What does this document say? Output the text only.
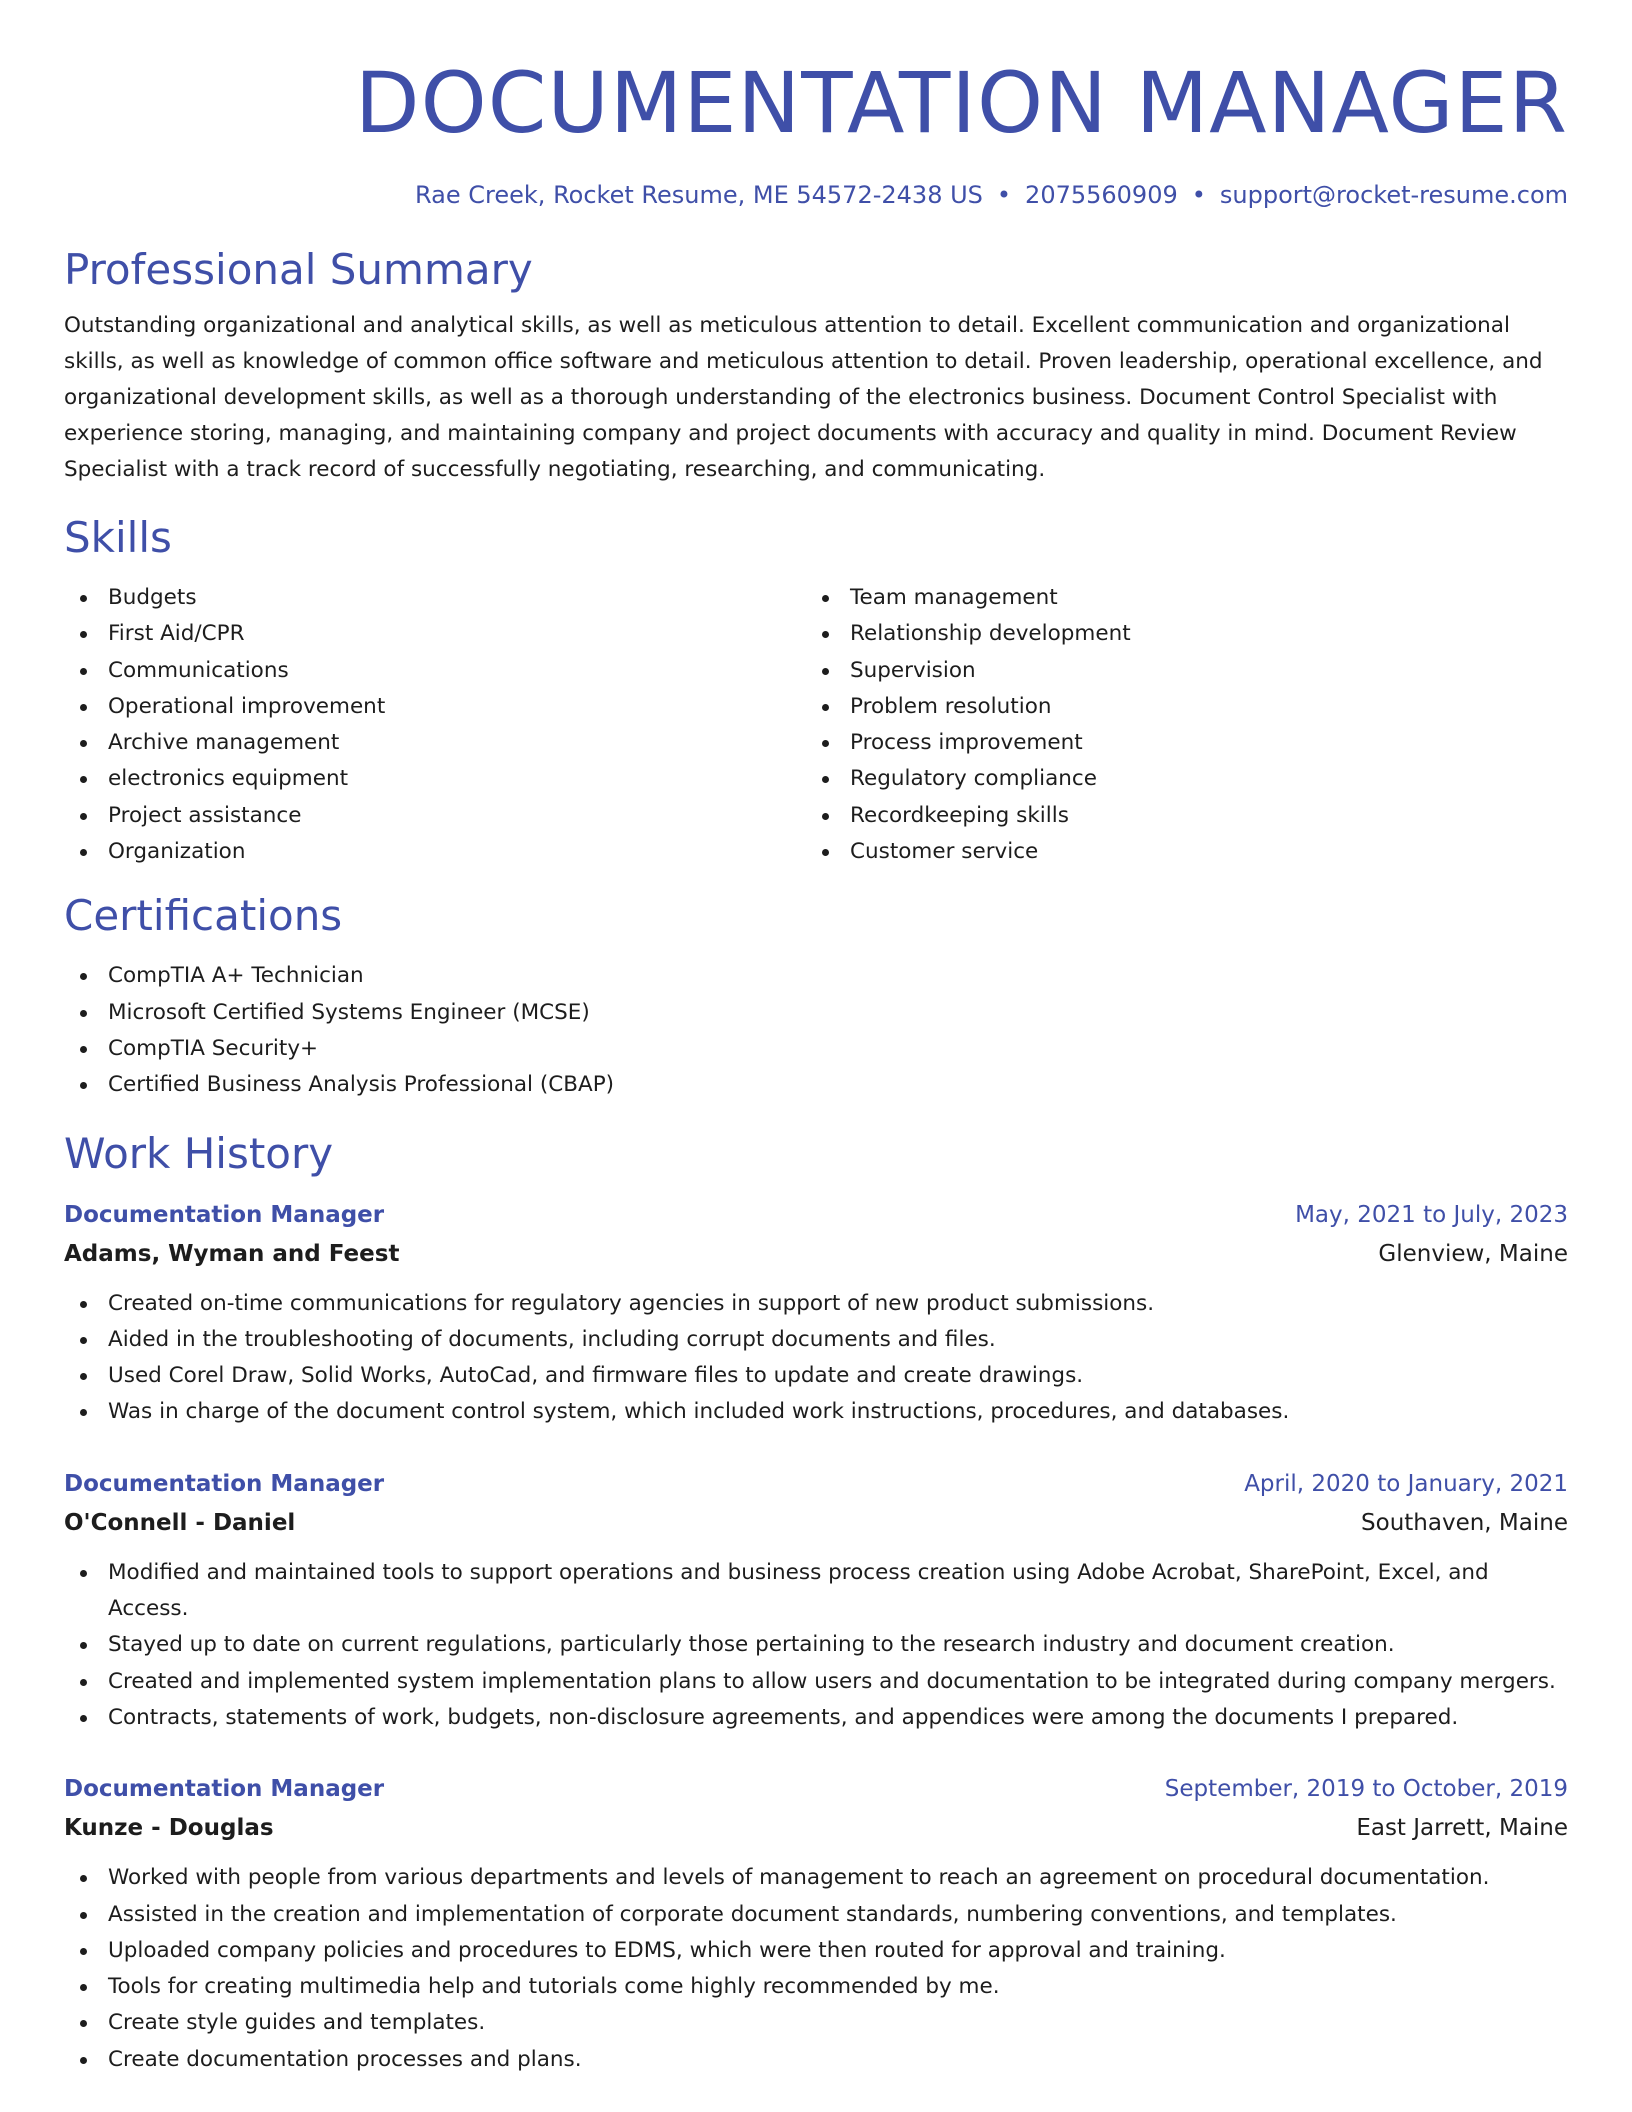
DOCUMENTATION MANAGER
Rae Creek, Rocket Resume, ME 54572-2438 US • 2075560909 • support@rocket-resume.com
Professional Summary
Outstanding organizational and analytical skills, as well as meticulous attention to detail. Excellent communication and organizational skills, as well as knowledge of common office software and meticulous attention to detail. Proven leadership, operational excellence, and organizational development skills, as well as a thorough understanding of the electronics business. Document Control Specialist with experience storing, managing, and maintaining company and project documents with accuracy and quality in mind. Document Review Specialist with a track record of successfully negotiating, researching, and communicating.
Skills
Budgets
First Aid/CPR
Communications
Operational improvement
Archive management
electronics equipment
Project assistance
Organization
Team management
Relationship development
Supervision
Problem resolution
Process improvement
Regulatory compliance
Recordkeeping skills
Customer service
Certifications
CompTIA A+ Technician
Microsoft Certified Systems Engineer (MCSE)
CompTIA Security+
Certified Business Analysis Professional (CBAP)
Work History
Documentation Manager	May, 2021 to July, 2023
Adams, Wyman and Feest	Glenview, Maine
Created on-time communications for regulatory agencies in support of new product submissions.
Aided in the troubleshooting of documents, including corrupt documents and files.
Used Corel Draw, Solid Works, AutoCad, and firmware files to update and create drawings.
Was in charge of the document control system, which included work instructions, procedures, and databases.
Documentation Manager	April, 2020 to January, 2021
O'Connell - Daniel	Southaven, Maine
Modified and maintained tools to support operations and business process creation using Adobe Acrobat, SharePoint, Excel, and Access.
Stayed up to date on current regulations, particularly those pertaining to the research industry and document creation.
Created and implemented system implementation plans to allow users and documentation to be integrated during company mergers.
Contracts, statements of work, budgets, non-disclosure agreements, and appendices were among the documents I prepared.
Documentation Manager	September, 2019 to October, 2019
Kunze - Douglas	East Jarrett, Maine
Worked with people from various departments and levels of management to reach an agreement on procedural documentation.
Assisted in the creation and implementation of corporate document standards, numbering conventions, and templates.
Uploaded company policies and procedures to EDMS, which were then routed for approval and training.
Tools for creating multimedia help and tutorials come highly recommended by me.
Create style guides and templates.
Create documentation processes and plans.
